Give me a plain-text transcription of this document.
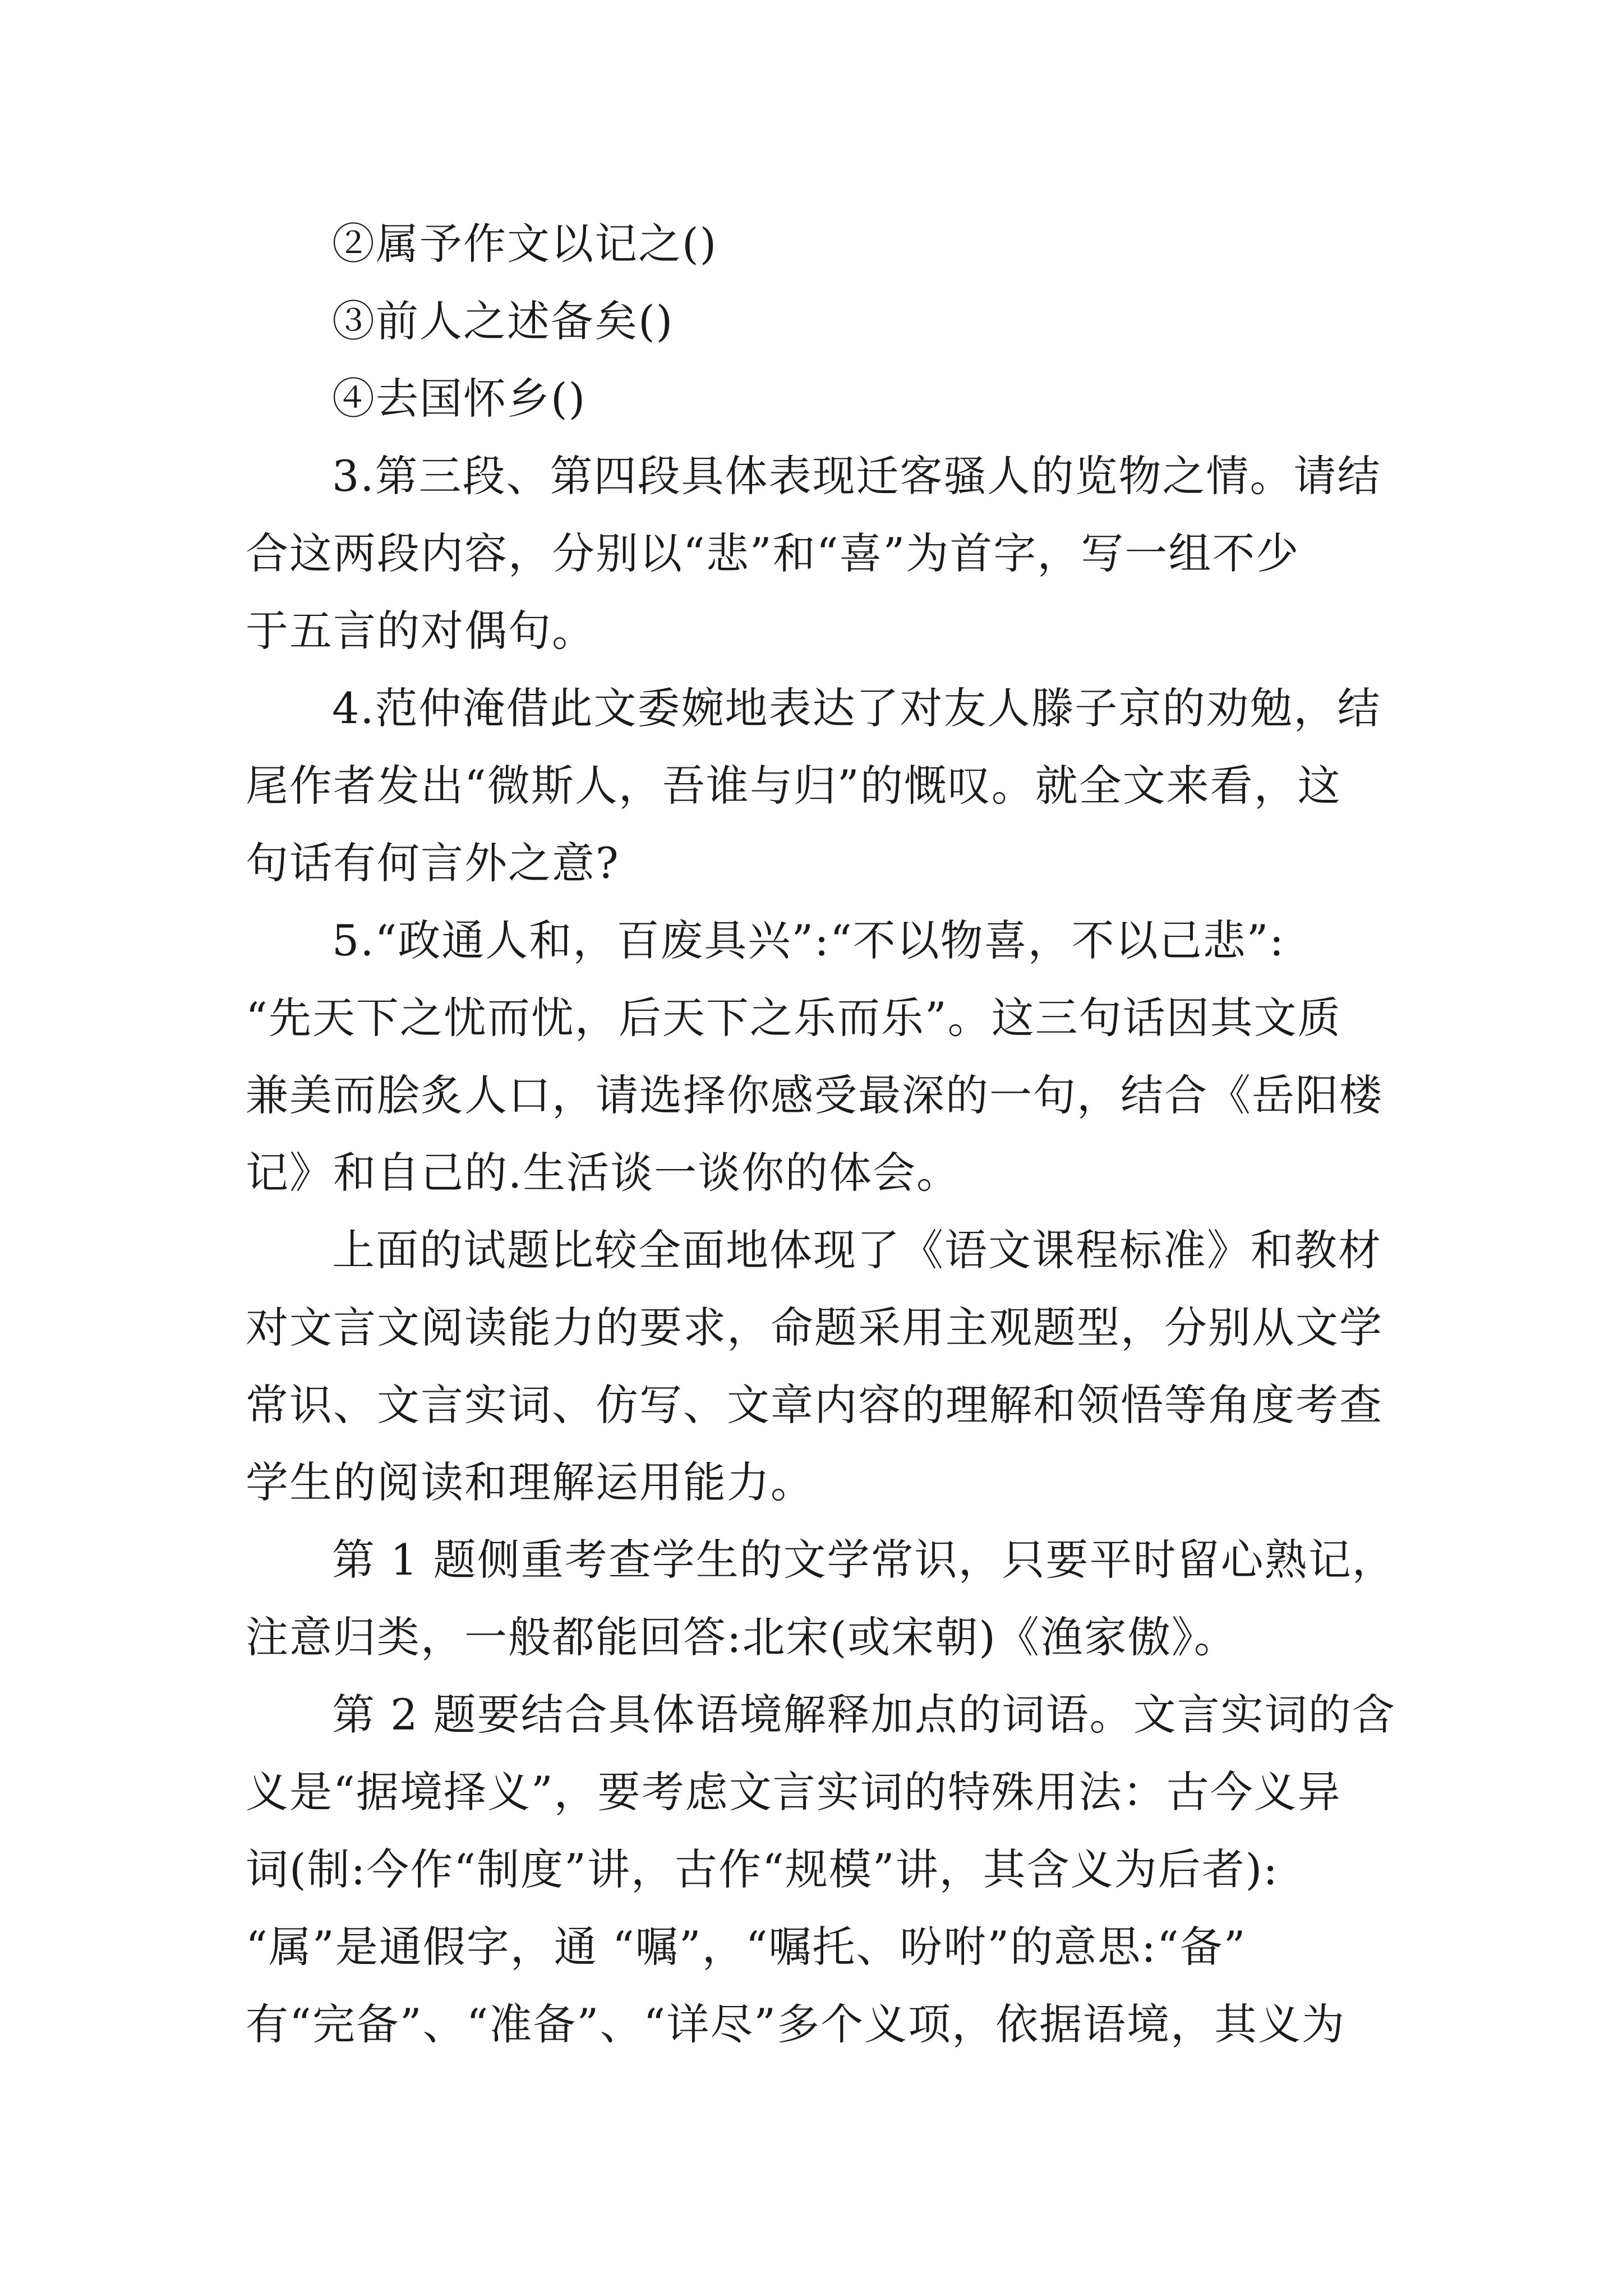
②属予作文以记之()
③前人之述备矣()
④去国怀乡()
3.第三段、第四段具体表现迁客骚人的览物之情。请结
合这两段内容，分别以“悲”和“喜”为首字，写一组不少
于五言的对偶句。
4.范仲淹借此文委婉地表达了对友人滕子京的劝勉，结
尾作者发出“微斯人，吾谁与归”的慨叹。就全文来看，这
句话有何言外之意?
5.“政通人和，百废具兴”:“不以物喜，不以己悲”:
“先天下之忧而忧，后天下之乐而乐”。这三句话因其文质
兼美而脍炙人口，请选择你感受最深的一句，结合《岳阳楼
记》和自己的.生活谈一谈你的体会。
上面的试题比较全面地体现了《语文课程标准》和教材
对文言文阅读能力的要求，命题采用主观题型，分别从文学
常识、文言实词、仿写、文章内容的理解和领悟等角度考查
学生的阅读和理解运用能力。
第 1 题侧重考查学生的文学常识，只要平时留心熟记，
注意归类，一般都能回答:北宋(或宋朝)《渔家傲》。
第 2 题要结合具体语境解释加点的词语。文言实词的含
义是“据境择义”，要考虑文言实词的特殊用法：古今义异
词(制:今作“制度”讲，古作“规模”讲，其含义为后者):
“属”是通假字，通 “嘱”，“嘱托、吩咐”的意思:“备”
有“完备”、“准备”、“详尽”多个义项，依据语境，其义为
